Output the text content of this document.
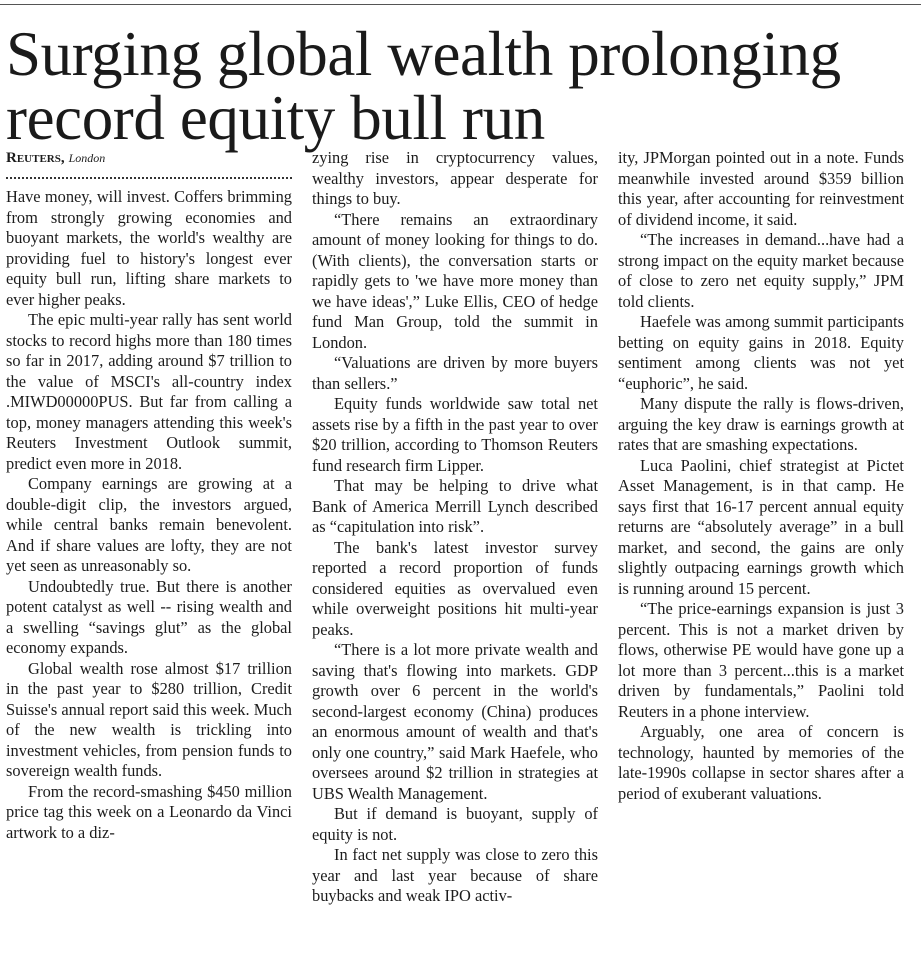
Surging global wealth prolonging record equity bull run

Reuters, London

Have money, will invest. Coffers brimming from strongly growing economies and buoyant markets, the world's wealthy are providing fuel to history's longest ever equity bull run, lifting share markets to ever higher peaks.

The epic multi-year rally has sent world stocks to record highs more than 180 times so far in 2017, adding around $7 trillion to the value of MSCI's all-country index .MIWD00000PUS. But far from calling a top, money managers attending this week's Reuters Investment Outlook summit, predict even more in 2018.

Company earnings are growing at a double-digit clip, the investors argued, while central banks remain benevolent. And if share values are lofty, they are not yet seen as unreasonably so.

Undoubtedly true. But there is another potent catalyst as well -- rising wealth and a swelling “savings glut” as the global economy expands.

Global wealth rose almost $17 trillion in the past year to $280 trillion, Credit Suisse's annual report said this week. Much of the new wealth is trickling into investment vehicles, from pension funds to sovereign wealth funds.

From the record-smashing $450 million price tag this week on a Leonardo da Vinci artwork to a diz-

zying rise in cryptocurrency values, wealthy investors, appear desperate for things to buy.

“There remains an extraordinary amount of money looking for things to do. (With clients), the conversation starts or rapidly gets to 'we have more money than we have ideas',” Luke Ellis, CEO of hedge fund Man Group, told the summit in London.

“Valuations are driven by more buyers than sellers.”

Equity funds worldwide saw total net assets rise by a fifth in the past year to over $20 trillion, according to Thomson Reuters fund research firm Lipper.

That may be helping to drive what Bank of America Merrill Lynch described as “capitulation into risk”.

The bank's latest investor survey reported a record proportion of funds considered equities as overvalued even while overweight positions hit multi-year peaks.

“There is a lot more private wealth and saving that's flowing into markets. GDP growth over 6 percent in the world's second-largest economy (China) produces an enormous amount of wealth and that's only one country,” said Mark Haefele, who oversees around $2 trillion in strategies at UBS Wealth Management.

But if demand is buoyant, supply of equity is not.

In fact net supply was close to zero this year and last year because of share buybacks and weak IPO activ-

ity, JPMorgan pointed out in a note. Funds meanwhile invested around $359 billion this year, after accounting for reinvestment of dividend income, it said.

“The increases in demand...have had a strong impact on the equity market because of close to zero net equity supply,” JPM told clients.

Haefele was among summit participants betting on equity gains in 2018. Equity sentiment among clients was not yet “euphoric”, he said.

Many dispute the rally is flows-driven, arguing the key draw is earnings growth at rates that are smashing expectations.

Luca Paolini, chief strategist at Pictet Asset Management, is in that camp. He says first that 16-17 percent annual equity returns are “absolutely average” in a bull market, and second, the gains are only slightly outpacing earnings growth which is running around 15 percent.

“The price-earnings expansion is just 3 percent. This is not a market driven by flows, otherwise PE would have gone up a lot more than 3 percent...this is a market driven by fundamentals,” Paolini told Reuters in a phone interview.

Arguably, one area of concern is technology, haunted by memories of the late-1990s collapse in sector shares after a period of exuberant valuations.
